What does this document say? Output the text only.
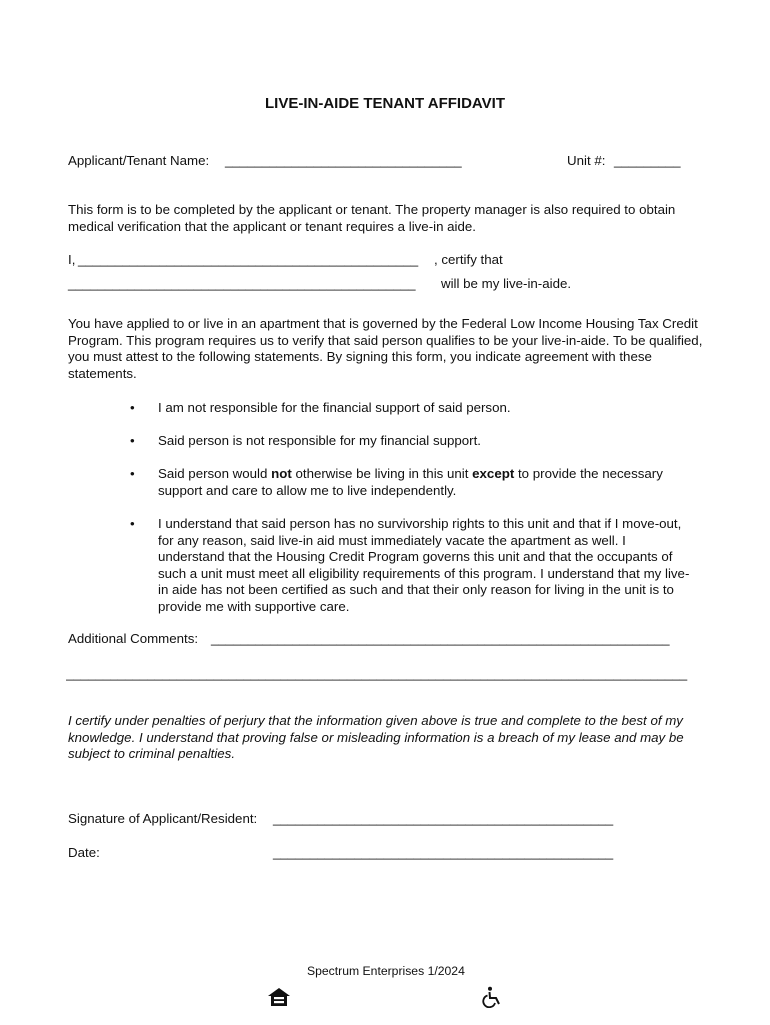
LIVE-IN-AIDE TENANT AFFIDAVIT
Applicant/Tenant Name: ________________________________	Unit #: _________
This form is to be completed by the applicant or tenant. The property manager is also required to obtain medical verification that the applicant or tenant requires a live-in aide.
I, ______________________________________________ , certify that
_______________________________________________ will be my live-in-aide.
You have applied to or live in an apartment that is governed by the Federal Low Income Housing Tax Credit Program. This program requires us to verify that said person qualifies to be your live-in-aide. To be qualified, you must attest to the following statements. By signing this form, you indicate agreement with these statements.
•	I am not responsible for the financial support of said person.
•	Said person is not responsible for my financial support.
•	Said person would not otherwise be living in this unit except to provide the necessary support and care to allow me to live independently.
•	I understand that said person has no survivorship rights to this unit and that if I move-out, for any reason, said live-in aid must immediately vacate the apartment as well. I understand that the Housing Credit Program governs this unit and that the occupants of such a unit must meet all eligibility requirements of this program. I understand that my live-in aide has not been certified as such and that their only reason for living in the unit is to provide me with supportive care.
Additional Comments: ______________________________________________________________
____________________________________________________________________________________
I certify under penalties of perjury that the information given above is true and complete to the best of my knowledge. I understand that proving false or misleading information is a breach of my lease and may be subject to criminal penalties.
Signature of Applicant/Resident: ______________________________________________
Date:	______________________________________________

Spectrum Enterprises 1/2024
